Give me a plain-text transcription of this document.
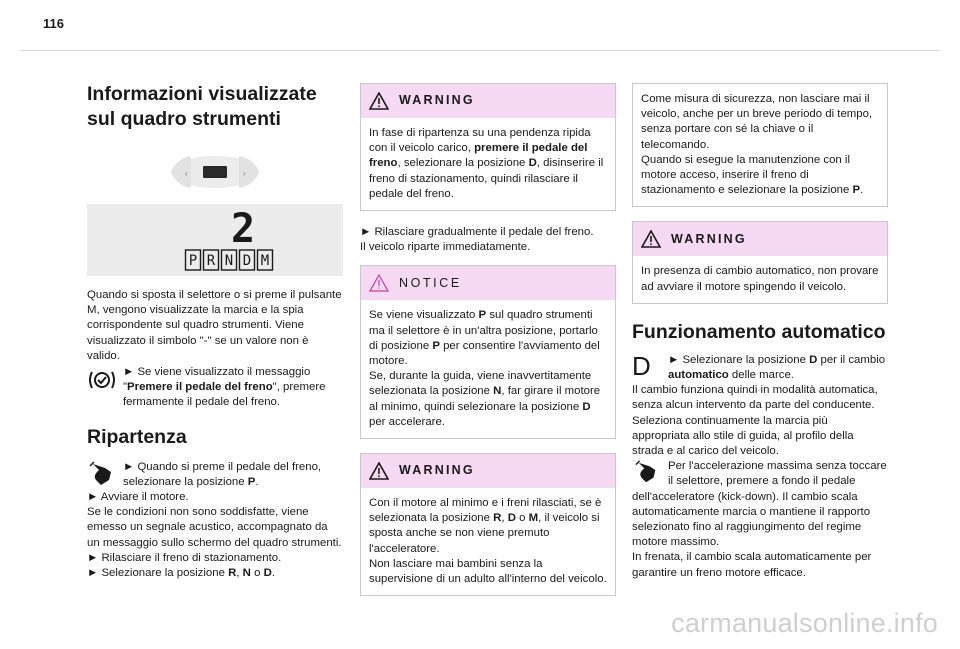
116
Informazioni visualizzate sul quadro strumenti
‹	›
2
P R N D M

Quando si sposta il selettore o si preme il pulsante M, vengono visualizzate la marcia e la spia corrispondente sul quadro strumenti. Viene visualizzato il simbolo "-" se un valore non è valido.

► Se viene visualizzato il messaggio "Premere il pedale del freno", premere fermamente il pedale del freno.

Ripartenza

► Quando si preme il pedale del freno, selezionare la posizione P.

► Avviare il motore.

Se le condizioni non sono soddisfatte, viene emesso un segnale acustico, accompagnato da un messaggio sullo schermo del quadro strumenti.

► Rilasciare il freno di stazionamento.

► Selezionare la posizione R, N o D.

WARNING

In fase di ripartenza su una pendenza ripida con il veicolo carico, premere il pedale del freno, selezionare la posizione D, disinserire il freno di stazionamento, quindi rilasciare il pedale del freno.

► Rilasciare gradualmente il pedale del freno.

Il veicolo riparte immediatamente.

NOTICE

Se viene visualizzato P sul quadro strumenti ma il selettore è in un'altra posizione, portarlo di posizione P per consentire l'avviamento del motore.

Se, durante la guida, viene inavvertitamente selezionata la posizione N, far girare il motore al minimo, quindi selezionare la posizione D per accelerare.

WARNING

Con il motore al minimo e i freni rilasciati, se è selezionata la posizione R, D o M, il veicolo si sposta anche se non viene premuto l'acceleratore.

Non lasciare mai bambini senza la supervisione di un adulto all'interno del veicolo.

Come misura di sicurezza, non lasciare mai il veicolo, anche per un breve periodo di tempo, senza portare con sé la chiave o il telecomando.

Quando si esegue la manutenzione con il motore acceso, inserire il freno di stazionamento e selezionare la posizione P.

WARNING

In presenza di cambio automatico, non provare ad avviare il motore spingendo il veicolo.

Funzionamento automatico
D	► Selezionare la posizione D per il cambio automatico delle marce.

Il cambio funziona quindi in modalità automatica, senza alcun intervento da parte del conducente.

Seleziona continuamente la marcia più appropriata allo stile di guida, al profilo della strada e al carico del veicolo.

Per l'accelerazione massima senza toccare il selettore, premere a fondo il pedale dell'acceleratore (kick-down). Il cambio scala automaticamente marcia o mantiene il rapporto selezionato fino al raggiungimento del regime motore massimo.

In frenata, il cambio scala automaticamente per garantire un freno motore efficace.

carmanualsonline.info
